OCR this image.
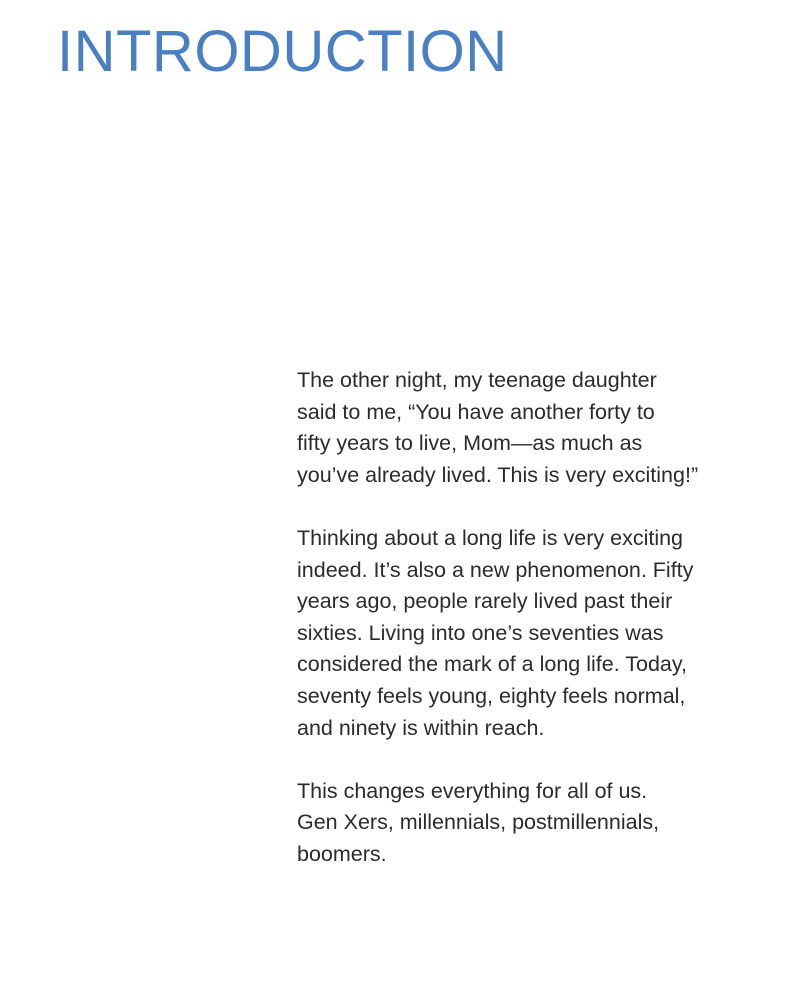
INTRODUCTION

The other night, my teenage daughter
said to me, “You have another forty to
fifty years to live, Mom—as much as
you’ve already lived. This is very exciting!”

Thinking about a long life is very exciting
indeed. It’s also a new phenomenon. Fifty
years ago, people rarely lived past their
sixties. Living into one’s seventies was
considered the mark of a long life. Today,
seventy feels young, eighty feels normal,
and ninety is within reach.

This changes everything for all of us.
Gen Xers, millennials, postmillennials,
boomers.
